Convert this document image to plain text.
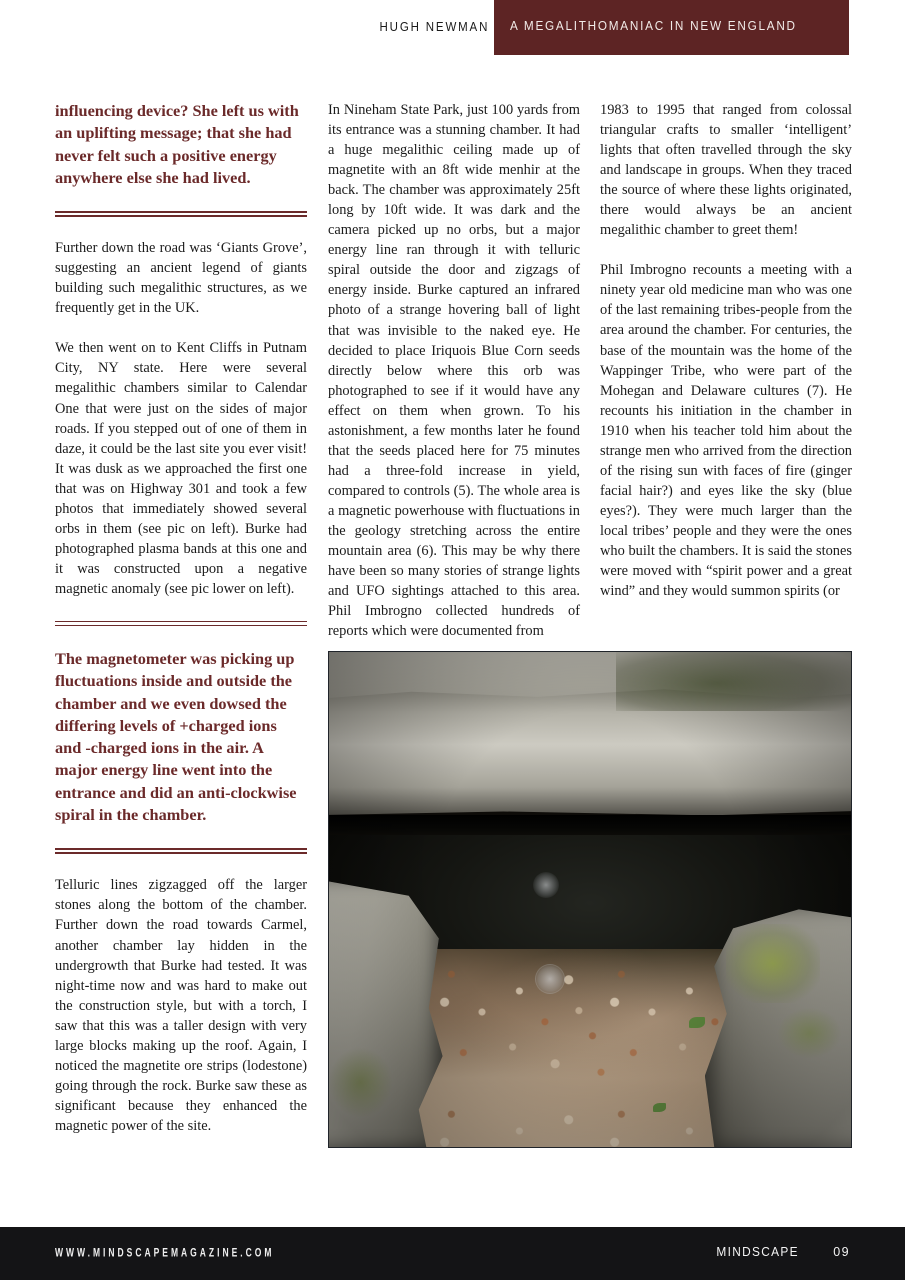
HUGH NEWMAN A MEGALITHOMANIAC IN NEW ENGLAND
influencing device? She left us with an uplifting message; that she had never felt such a positive energy anywhere else she had lived.
Further down the road was ‘Giants Grove’, suggesting an ancient legend of giants building such megalithic structures, as we frequently get in the UK.
We then went on to Kent Cliffs in Putnam City, NY state. Here were several megalithic chambers similar to Calendar One that were just on the sides of major roads. If you stepped out of one of them in daze, it could be the last site you ever visit! It was dusk as we approached the first one that was on Highway 301 and took a few photos that immediately showed several orbs in them (see pic on left). Burke had photographed plasma bands at this one and it was constructed upon a negative magnetic anomaly (see pic lower on left).
The magnetometer was picking up fluctuations inside and outside the chamber and we even dowsed the differing levels of +charged ions and -charged ions in the air. A major energy line went into the entrance and did an anti-clockwise spiral in the chamber.
Telluric lines zigzagged off the larger stones along the bottom of the chamber. Further down the road towards Carmel, another chamber lay hidden in the undergrowth that Burke had tested. It was night-time now and was hard to make out the construction style, but with a torch, I saw that this was a taller design with very large blocks making up the roof. Again, I noticed the magnetite ore strips (lodestone) going through the rock. Burke saw these as significant because they enhanced the magnetic power of the site.
In Nineham State Park, just 100 yards from its entrance was a stunning chamber. It had a huge megalithic ceiling made up of magnetite with an 8ft wide menhir at the back. The chamber was approximately 25ft long by 10ft wide. It was dark and the camera picked up no orbs, but a major energy line ran through it with telluric spiral outside the door and zigzags of energy inside. Burke captured an infrared photo of a strange hovering ball of light that was invisible to the naked eye. He decided to place Iriquois Blue Corn seeds directly below where this orb was photographed to see if it would have any effect on them when grown. To his astonishment, a few months later he found that the seeds placed here for 75 minutes had a three-fold increase in yield, compared to controls (5). The whole area is a magnetic powerhouse with fluctuations in the geology stretching across the entire mountain area (6). This may be why there have been so many stories of strange lights and UFO sightings attached to this area. Phil Imbrogno collected hundreds of reports which were documented from
1983 to 1995 that ranged from colossal triangular crafts to smaller ‘intelligent’ lights that often travelled through the sky and landscape in groups. When they traced the source of where these lights originated, there would always be an ancient megalithic chamber to greet them!
Phil Imbrogno recounts a meeting with a ninety year old medicine man who was one of the last remaining tribes-people from the area around the chamber. For centuries, the base of the mountain was the home of the Wappinger Tribe, who were part of the Mohegan and Delaware cultures (7). He recounts his initiation in the chamber in 1910 when his teacher told him about the strange men who arrived from the direction of the rising sun with faces of fire (ginger facial hair?) and eyes like the sky (blue eyes?). They were much larger than the local tribes’ people and they were the ones who built the chambers. It is said the stones were moved with “spirit power and a great wind” and they would summon spirits (or
WWW.MINDSCAPEMAGAZINE.COM	MINDSCAPE	09
